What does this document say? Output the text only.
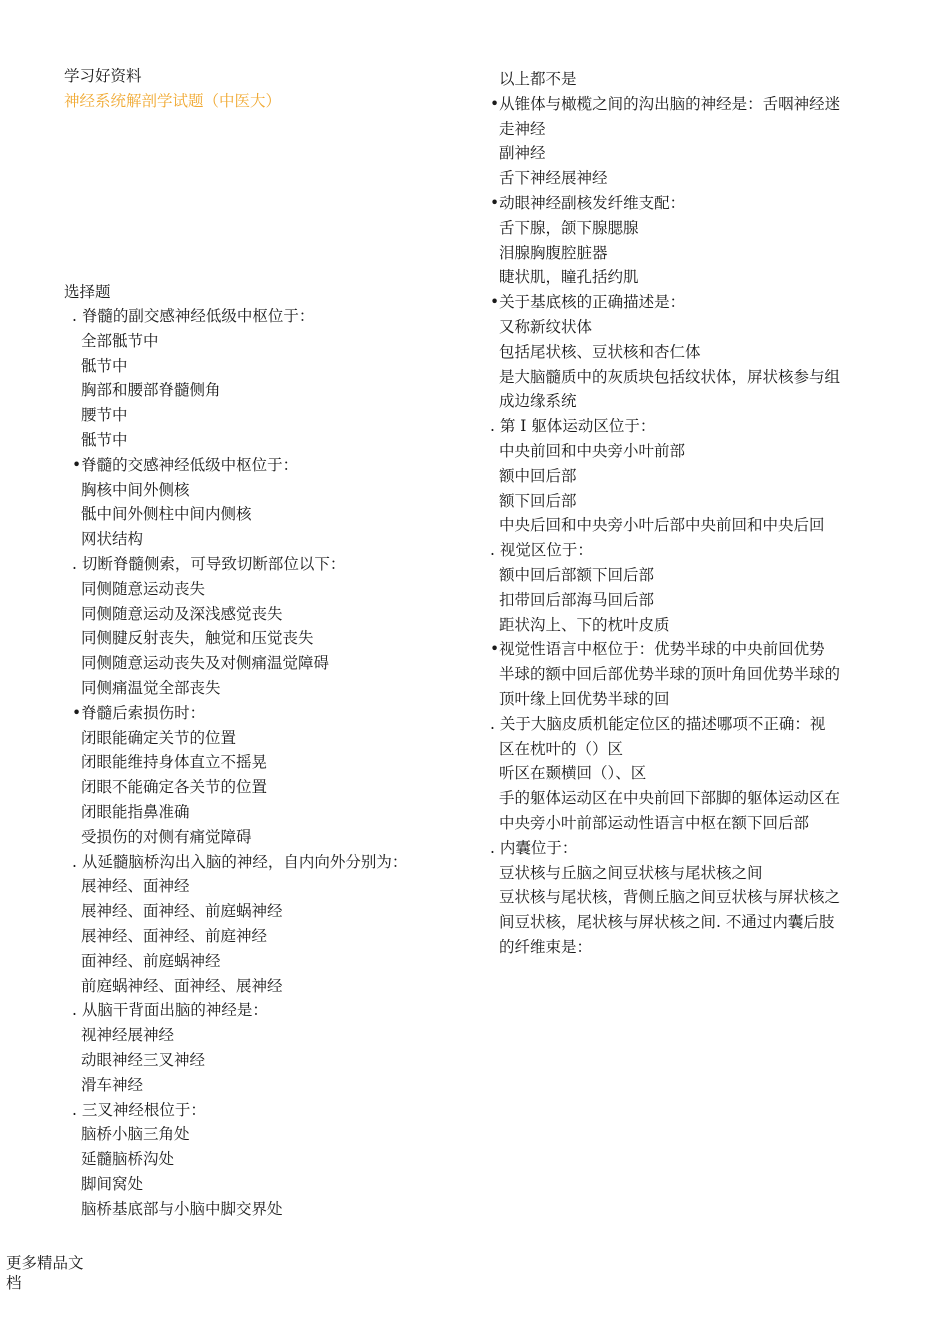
学习好资料
神经系统解剖学试题（中医大）
选择题
. 脊髓的副交感神经低级中枢位于：
全部骶节中
骶节中
胸部和腰部脊髓侧角
腰节中
骶节中
•脊髓的交感神经低级中枢位于：
胸核中间外侧核
骶中间外侧柱中间内侧核
网状结构
. 切断脊髓侧索，可导致切断部位以下：
同侧随意运动丧失
同侧随意运动及深浅感觉丧失
同侧腱反射丧失，触觉和压觉丧失
同侧随意运动丧失及对侧痛温觉障碍
同侧痛温觉全部丧失
•脊髓后索损伤时：
闭眼能确定关节的位置
闭眼能维持身体直立不摇晃
闭眼不能确定各关节的位置
闭眼能指鼻准确
受损伤的对侧有痛觉障碍
. 从延髓脑桥沟出入脑的神经，自内向外分别为：
展神经、面神经
展神经、面神经、前庭蜗神经
展神经、面神经、前庭神经
面神经、前庭蜗神经
前庭蜗神经、面神经、展神经
. 从脑干背面出脑的神经是：
视神经展神经
动眼神经三叉神经
滑车神经
. 三叉神经根位于：
脑桥小脑三角处
延髓脑桥沟处
脚间窝处
脑桥基底部与小脑中脚交界处
以上都不是
•从锥体与橄榄之间的沟出脑的神经是：舌咽神经迷
走神经
副神经
舌下神经展神经
•动眼神经副核发纤维支配：
舌下腺，颌下腺腮腺
泪腺胸腹腔脏器
睫状肌，瞳孔括约肌
•关于基底核的正确描述是：
又称新纹状体
包括尾状核、豆状核和杏仁体
是大脑髓质中的灰质块包括纹状体，屏状核参与组
成边缘系统
. 第 I 躯体运动区位于：
中央前回和中央旁小叶前部
额中回后部
额下回后部
中央后回和中央旁小叶后部中央前回和中央后回
. 视觉区位于：
额中回后部额下回后部
扣带回后部海马回后部
距状沟上、下的枕叶皮质
•视觉性语言中枢位于：优势半球的中央前回优势
半球的额中回后部优势半球的顶叶角回优势半球的
顶叶缘上回优势半球的回
. 关于大脑皮质机能定位区的描述哪项不正确：视
区在枕叶的（）区
听区在颞横回（）、区
手的躯体运动区在中央前回下部脚的躯体运动区在
中央旁小叶前部运动性语言中枢在额下回后部
. 内囊位于：
豆状核与丘脑之间豆状核与尾状核之间
豆状核与尾状核，背侧丘脑之间豆状核与屏状核之
间豆状核，尾状核与屏状核之间. 不通过内囊后肢
的纤维束是：
更多精品文
档
